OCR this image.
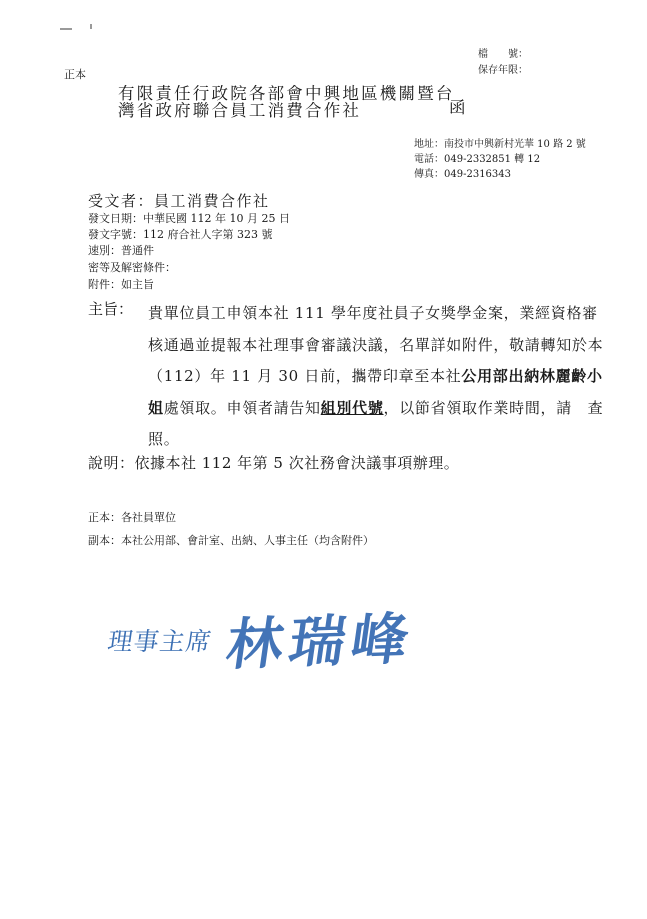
正本
檔　　號：
保存年限：
有限責任行政院各部會中興地區機關暨台
灣省政府聯合員工消費合作社	函
地址：南投市中興新村光華 10 路 2 號
電話：049-2332851 轉 12
傳真：049-2316343
受文者：員工消費合作社
發文日期：中華民國 112 年 10 月 25 日
發文字號：112 府合社人字第 323 號
速別：普通件
密等及解密條件：
附件：如主旨
主旨： 貴單位員工申領本社 111 學年度社員子女獎學金案，業經資格審核通過並提報本社理事會審議決議，名單詳如附件，敬請轉知於本（112）年 11 月 30 日前，攜帶印章至本社公用部出納林麗齡小姐處領取。申領者請告知組別代號，以節省領取作業時間，請　查照。
說明：依據本社 112 年第 5 次社務會決議事項辦理。
正本：各社員單位
副本：本社公用部、會計室、出納、人事主任（均含附件）
理事主席 林瑞峰
